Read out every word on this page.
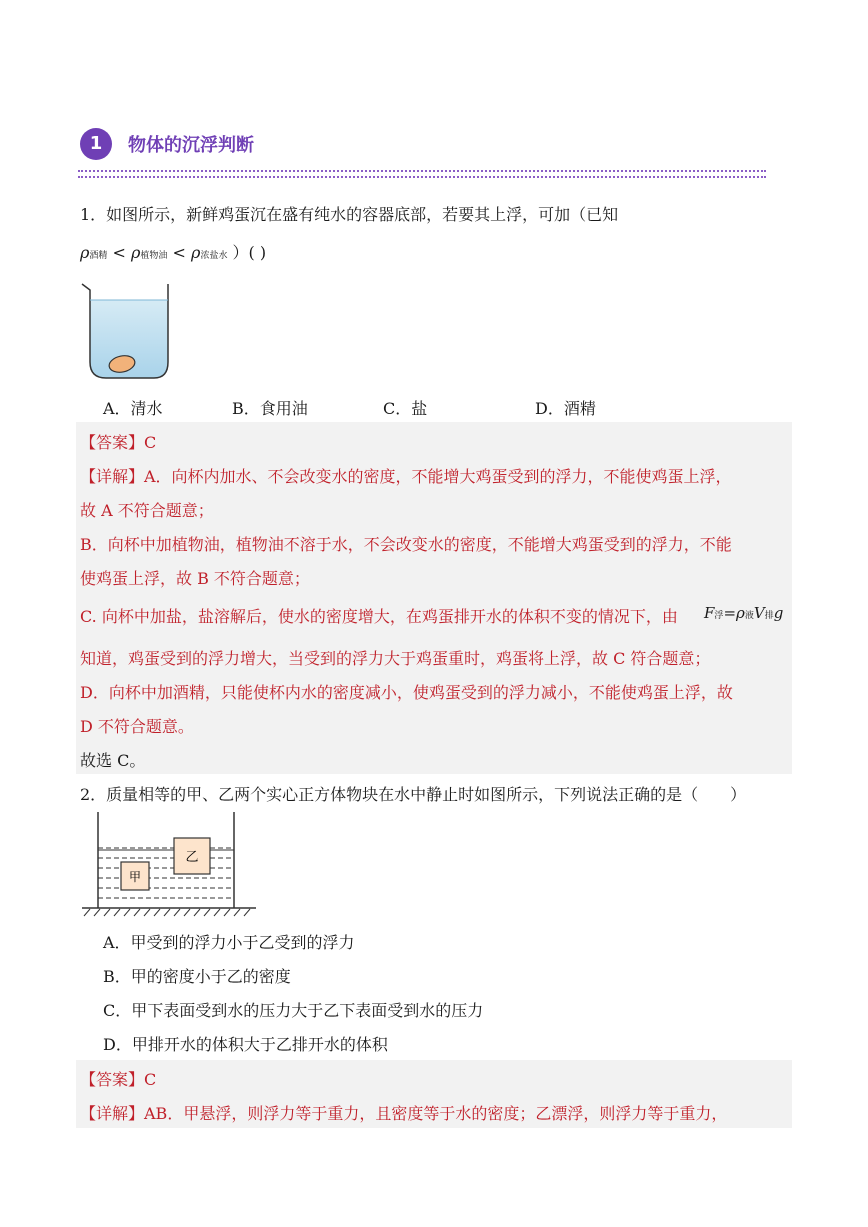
1	物体的沉浮判断
1．如图所示，新鲜鸡蛋沉在盛有纯水的容器底部，若要其上浮，可加（已知
ρ酒精 < ρ植物油 < ρ浓盐水 ）( )
A．清水	B．食用油	C．盐	D．酒精
【答案】C
【详解】A．向杯内加水、不会改变水的密度，不能增大鸡蛋受到的浮力，不能使鸡蛋上浮，
故 A 不符合题意；
B．向杯中加植物油，植物油不溶于水，不会改变水的密度，不能增大鸡蛋受到的浮力，不能
使鸡蛋上浮，故 B 不符合题意；
C. 向杯中加盐，盐溶解后，使水的密度增大，在鸡蛋排开水的体积不变的情况下，由 F浮=ρ液V排g
知道，鸡蛋受到的浮力增大，当受到的浮力大于鸡蛋重时，鸡蛋将上浮，故 C 符合题意；
D．向杯中加酒精，只能使杯内水的密度减小，使鸡蛋受到的浮力减小，不能使鸡蛋上浮，故
D 不符合题意。
故选 C。
2．质量相等的甲、乙两个实心正方体物块在水中静止时如图所示，下列说法正确的是（　　）
甲
乙
A．甲受到的浮力小于乙受到的浮力
B．甲的密度小于乙的密度
C．甲下表面受到水的压力大于乙下表面受到水的压力
D．甲排开水的体积大于乙排开水的体积
【答案】C
【详解】AB．甲悬浮，则浮力等于重力，且密度等于水的密度；乙漂浮，则浮力等于重力，
